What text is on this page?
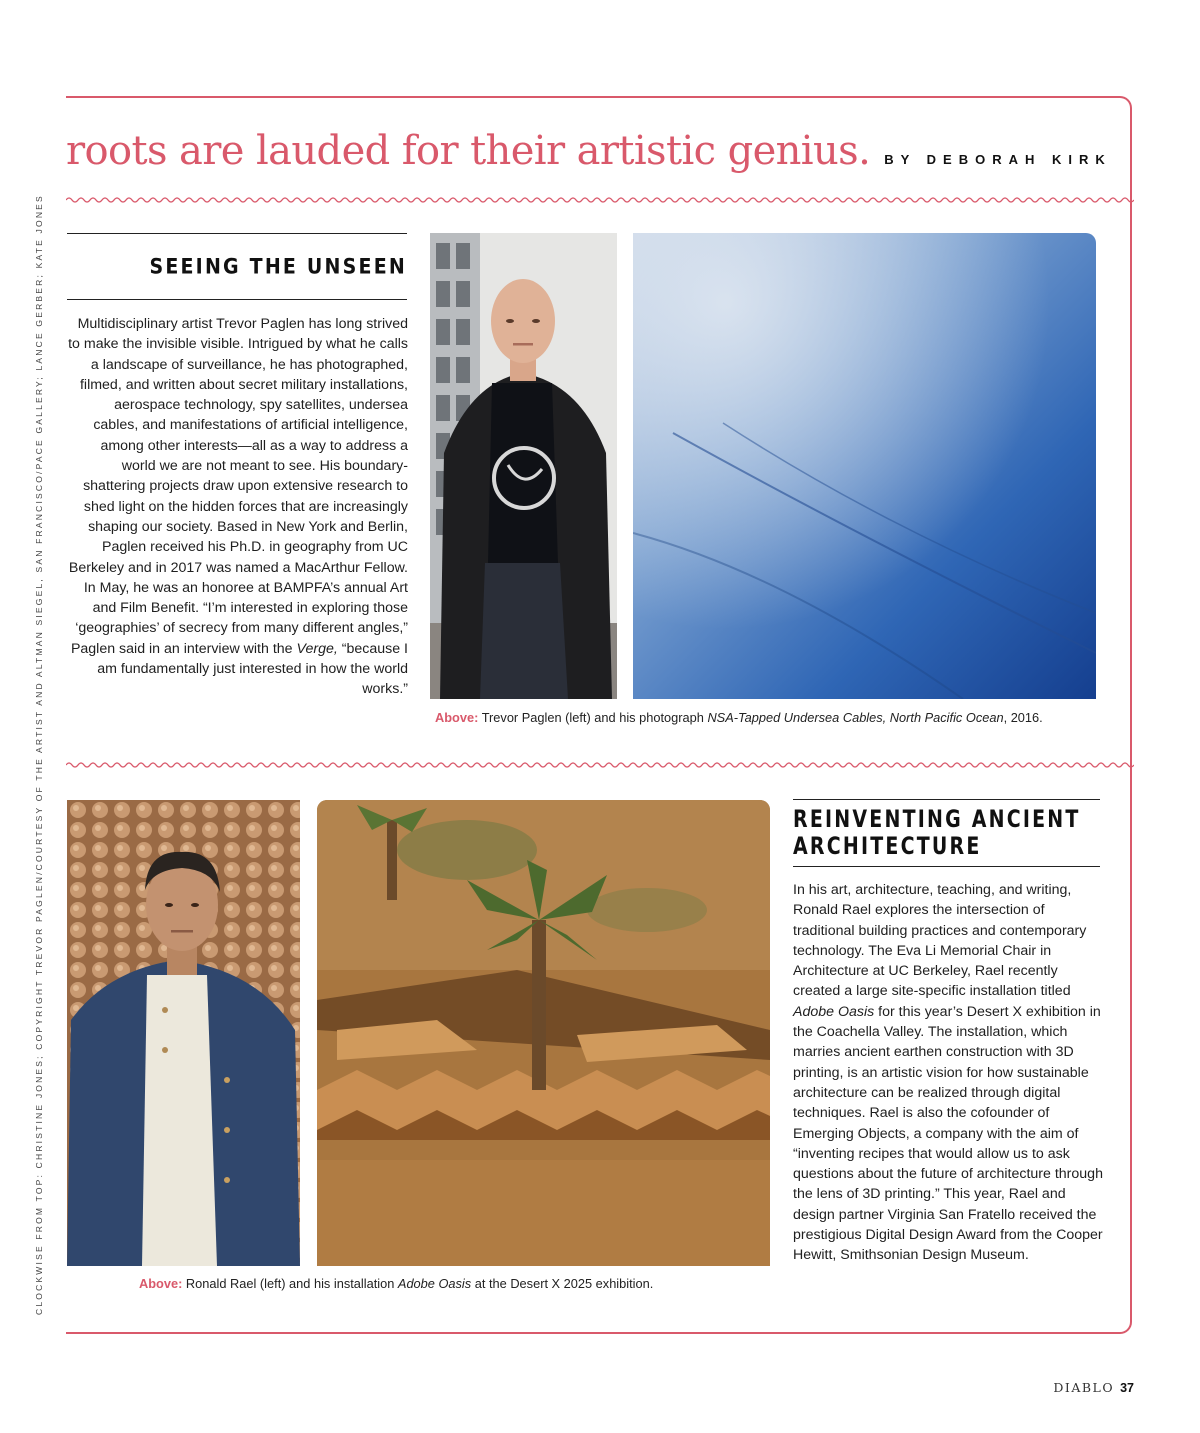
CLOCKWISE FROM TOP: CHRISTINE JONES; COPYRIGHT TREVOR PAGLEN/COURTESY OF THE ARTIST AND ALTMAN SIEGEL, SAN FRANCISCO/PACE GALLERY; LANCE GERBER; KATE JONES
roots are lauded for their artistic genius. BY DEBORAH KIRK
SEEING THE UNSEEN

Multidisciplinary artist Trevor Paglen has long strived to make the invisible visible. Intrigued by what he calls a landscape of surveillance, he has photographed, filmed, and written about secret military installations, aerospace technology, spy satellites, undersea cables, and manifestations of artificial intelligence, among other interests—all as a way to address a world we are not meant to see. His boundary-shattering projects draw upon extensive research to shed light on the hidden forces that are increasingly shaping our society. Based in New York and Berlin, Paglen received his Ph.D. in geography from UC Berkeley and in 2017 was named a MacArthur Fellow. In May, he was an honoree at BAMPFA’s annual Art and Film Benefit. “I’m interested in exploring those ‘geographies’ of secrecy from many different angles,” Paglen said in an interview with the Verge, “because I am fundamentally just interested in how the world works.”

Above: Trevor Paglen (left) and his photograph NSA-Tapped Undersea Cables, North Pacific Ocean, 2016.
Above: Ronald Rael (left) and his installation Adobe Oasis at the Desert X 2025 exhibition.
REINVENTING ANCIENT
ARCHITECTURE

In his art, architecture, teaching, and writing, Ronald Rael explores the intersection of traditional building practices and contemporary technology. The Eva Li Memorial Chair in Architecture at UC Berkeley, Rael recently created a large site-specific installation titled Adobe Oasis for this year’s Desert X exhibition in the Coachella Valley. The installation, which marries ancient earthen construction with 3D printing, is an artistic vision for how sustainable architecture can be realized through digital techniques. Rael is also the cofounder of Emerging Objects, a company with the aim of “inventing recipes that would allow us to ask questions about the future of architecture through the lens of 3D printing.” This year, Rael and design partner Virginia San Fratello received the prestigious Digital Design Award from the Cooper Hewitt, Smithsonian Design Museum.

DIABLO 37
